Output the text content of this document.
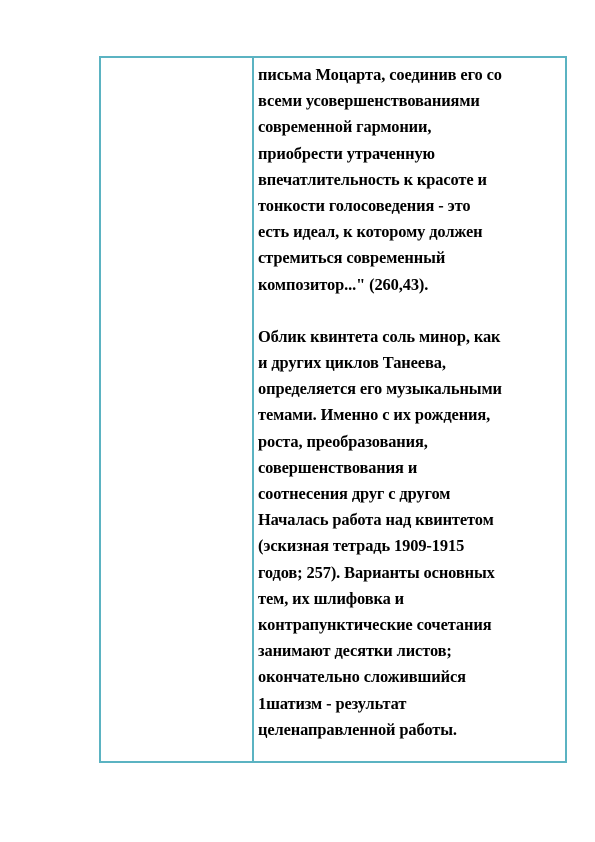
письма Моцарта, соединив его со
всеми усовершенствованиями
современной гармонии,
приобрести утраченную
впечатлительность к красоте и
тонкости голосоведения - это
есть идеал, к которому должен
стремиться современный
композитор..." (260,43).

Облик квинтета соль минор, как
и других циклов Танеева,
определяется его музыкальными
темами. Именно с их рождения,
роста, преобразования,
совершенствования и
соотнесения друг с другом
Началась работа над квинтетом
(эскизная тетрадь 1909-1915
годов; 257). Варианты основных
тем, их шлифовка и
контрапунктические сочетания
занимают десятки листов;
окончательно сложившийся
1шатизм - результат
целенаправленной работы.
